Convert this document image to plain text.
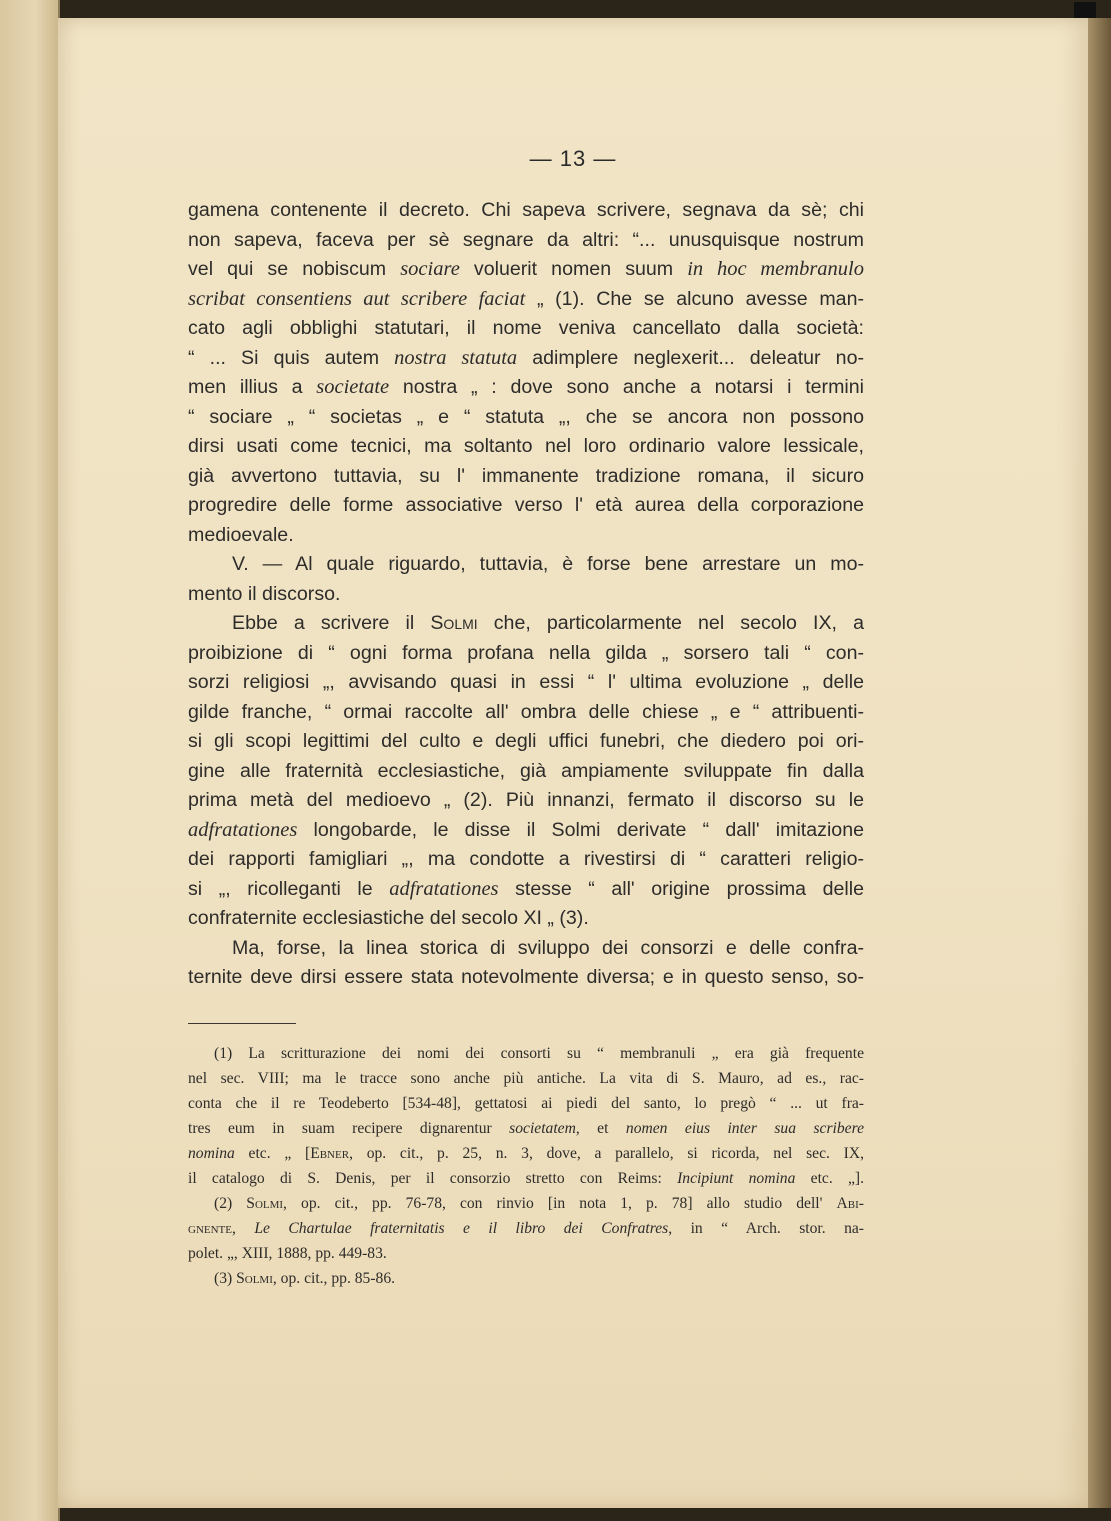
— 13 —
gamena contenente il decreto. Chi sapeva scrivere, segnava da sè; chi
non sapeva, faceva per sè segnare da altri: “... unusquisque nostrum
vel qui se nobiscum sociare voluerit nomen suum in hoc membranulo
scribat consentiens aut scribere faciat „ (1). Che se alcuno avesse man-
cato agli obblighi statutari, il nome veniva cancellato dalla società:
“ ... Si quis autem nostra statuta adimplere neglexerit... deleatur no-
men illius a societate nostra „ : dove sono anche a notarsi i termini
“ sociare „ “ societas „ e “ statuta „, che se ancora non possono
dirsi usati come tecnici, ma soltanto nel loro ordinario valore lessicale,
già avvertono tuttavia, su l' immanente tradizione romana, il sicuro
progredire delle forme associative verso l' età aurea della corporazione
medioevale.
V. — Al quale riguardo, tuttavia, è forse bene arrestare un mo-
mento il discorso.
Ebbe a scrivere il Solmi che, particolarmente nel secolo IX, a
proibizione di “ ogni forma profana nella gilda „ sorsero tali “ con-
sorzi religiosi „, avvisando quasi in essi “ l' ultima evoluzione „ delle
gilde franche, “ ormai raccolte all' ombra delle chiese „ e “ attribuenti-
si gli scopi legittimi del culto e degli uffici funebri, che diedero poi ori-
gine alle fraternità ecclesiastiche, già ampiamente sviluppate fin dalla
prima metà del medioevo „ (2). Più innanzi, fermato il discorso su le
adfratationes longobarde, le disse il Solmi derivate “ dall' imitazione
dei rapporti famigliari „, ma condotte a rivestirsi di “ caratteri religio-
si „, ricolleganti le adfratationes stesse “ all' origine prossima delle
confraternite ecclesiastiche del secolo XI „ (3).
Ma, forse, la linea storica di sviluppo dei consorzi e delle confra-
ternite deve dirsi essere stata notevolmente diversa; e in questo senso, so-
(1) La scritturazione dei nomi dei consorti su “ membranuli „ era già frequente
nel sec. VIII; ma le tracce sono anche più antiche. La vita di S. Mauro, ad es., rac-
conta che il re Teodeberto [534-48], gettatosi ai piedi del santo, lo pregò “ ... ut fra-
tres eum in suam recipere dignarentur societatem, et nomen eius inter sua scribere
nomina etc. „ [Ebner, op. cit., p. 25, n. 3, dove, a parallelo, si ricorda, nel sec. IX,
il catalogo di S. Denis, per il consorzio stretto con Reims: Incipiunt nomina etc. „].
(2) Solmi, op. cit., pp. 76-78, con rinvio [in nota 1, p. 78] allo studio dell' Abi-
gnente, Le Chartulae fraternitatis e il libro dei Confratres, in “ Arch. stor. na-
polet. „, XIII, 1888, pp. 449-83.
(3) Solmi, op. cit., pp. 85-86.
